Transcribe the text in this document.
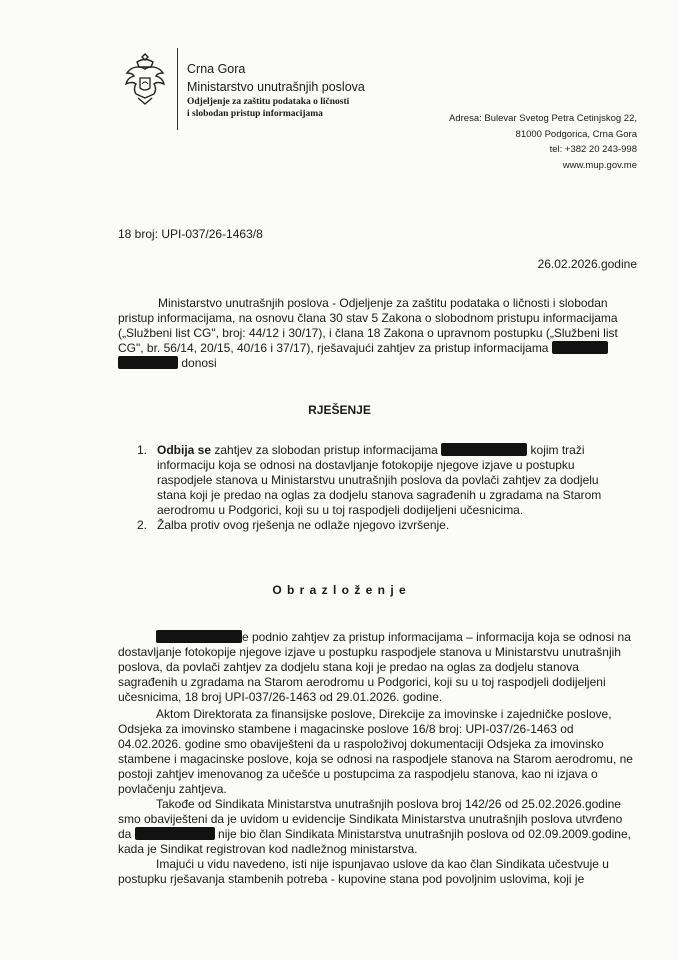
Crna Gora
Ministarstvo unutrašnjih poslova
Odjeljenje za zaštitu podataka o ličnosti
i slobodan pristup informacijama	Adresa: Bulevar Svetog Petra Cetinjskog 22,
81000 Podgorica, Crna Gora
tel: +382 20 243-998
www.mup.gov.me
18 broj: UPI-037/26-1463/8
26.02.2026.godine
Ministarstvo unutrašnjih poslova - Odjeljenje za zaštitu podataka o ličnosti i slobodan
pristup informacijama, na osnovu člana 30 stav 5 Zakona o slobodnom pristupu informacijama
(„Službeni list CG", broj: 44/12 i 30/17), i člana 18 Zakona o upravnom postupku („Službeni list
CG", br. 56/14, 20/15, 40/16 i 37/17), rješavajući zahtjev za pristup informacijama
donosi
RJEŠENJE
1. Odbija se zahtjev za slobodan pristup informacijama	kojim traži
informaciju koja se odnosi na dostavljanje fotokopije njegove izjave u postupku
raspodjele stanova u Ministarstvu unutrašnjih poslova da povlači zahtjev za dodjelu
stana koji je predao na oglas za dodjelu stanova sagrađenih u zgradama na Starom
aerodromu u Podgorici, koji su u toj raspodjeli dodijeljeni učesnicima.
2. Žalba protiv ovog rješenja ne odlaže njegovo izvršenje.
O b r a z l o ž e n j e
e podnio zahtjev za pristup informacijama – informacija koja se odnosi na
dostavljanje fotokopije njegove izjave u postupku raspodjele stanova u Ministarstvu unutrašnjih
poslova, da povlači zahtjev za dodjelu stana koji je predao na oglas za dodjelu stanova
sagrađenih u zgradama na Starom aerodromu u Podgorici, koji su u toj raspodjeli dodijeljeni
učesnicima, 18 broj UPI-037/26-1463 od 29.01.2026. godine.
Aktom Direktorata za finansijske poslove, Direkcije za imovinske i zajedničke poslove,
Odsjeka za imovinsko stambene i magacinske poslove 16/8 broj: UPI-037/26-1463 od
04.02.2026. godine smo obaviješteni da u raspoloživoj dokumentaciji Odsjeka za imovinsko
stambene i magacinske poslove, koja se odnosi na raspodjele stanova na Starom aerodromu, ne
postoji zahtjev imenovanog za učešće u postupcima za raspodjelu stanova, kao ni izjava o
povlačenju zahtjeva.
Takođe od Sindikata Ministarstva unutrašnjih poslova broj 142/26 od 25.02.2026.godine
smo obaviješteni da je uvidom u evidencije Sindikata Ministarstva unutrašnjih poslova utvrđeno
da	nije bio član Sindikata Ministarstva unutrašnjih poslova od 02.09.2009.godine,
kada je Sindikat registrovan kod nadležnog ministarstva.
Imajući u vidu navedeno, isti nije ispunjavao uslove da kao član Sindikata učestvuje u
postupku rješavanja stambenih potreba - kupovine stana pod povoljnim uslovima, koji je
